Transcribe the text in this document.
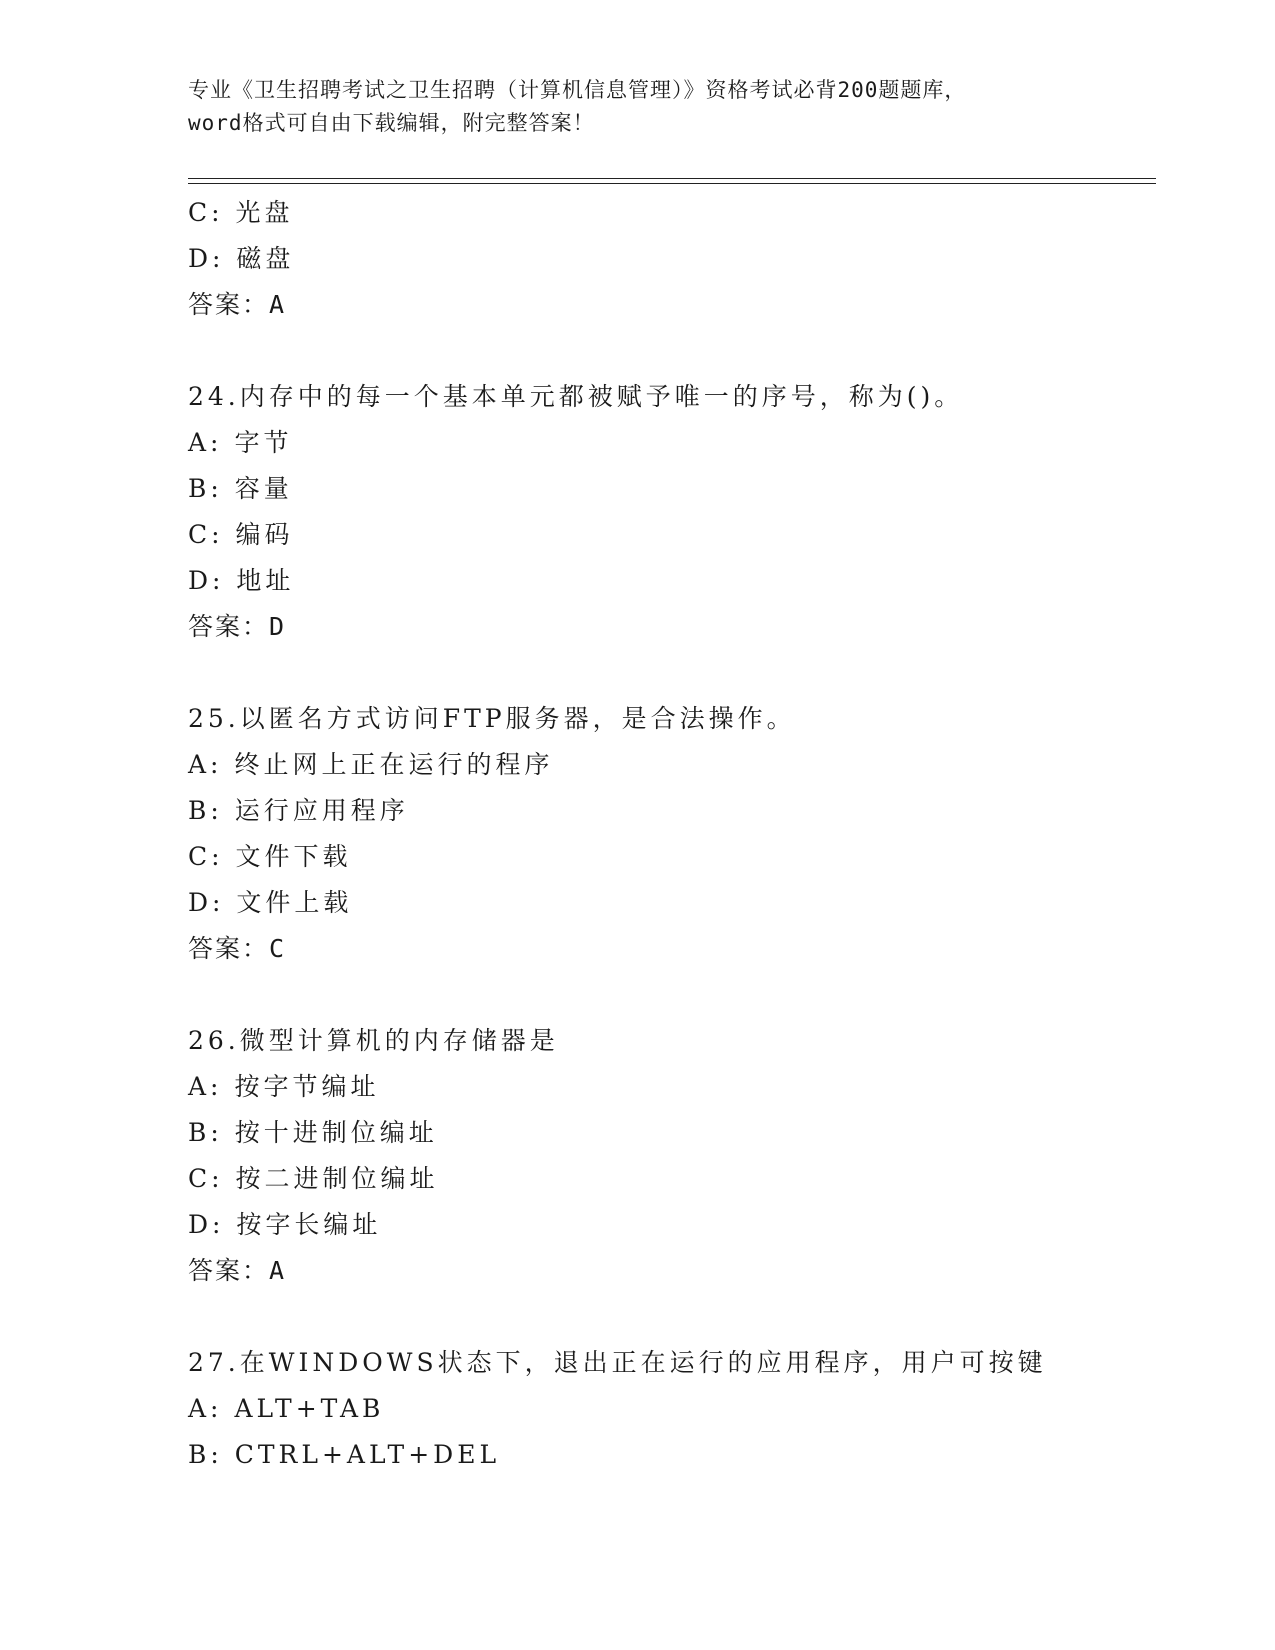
专业《卫生招聘考试之卫生招聘（计算机信息管理）》资格考试必背200题题库，
word格式可自由下载编辑，附完整答案！
C: 光盘
D: 磁盘
答案：A
24.内存中的每一个基本单元都被赋予唯一的序号，称为()。
A: 字节
B: 容量
C: 编码
D: 地址
答案：D
25.以匿名方式访问FTP服务器，是合法操作。
A: 终止网上正在运行的程序
B: 运行应用程序
C: 文件下载
D: 文件上载
答案：C
26.微型计算机的内存储器是
A: 按字节编址
B: 按十进制位编址
C: 按二进制位编址
D: 按字长编址
答案：A
27.在WINDOWS状态下，退出正在运行的应用程序，用户可按键
A: ALT+TAB
B: CTRL+ALT+DEL
